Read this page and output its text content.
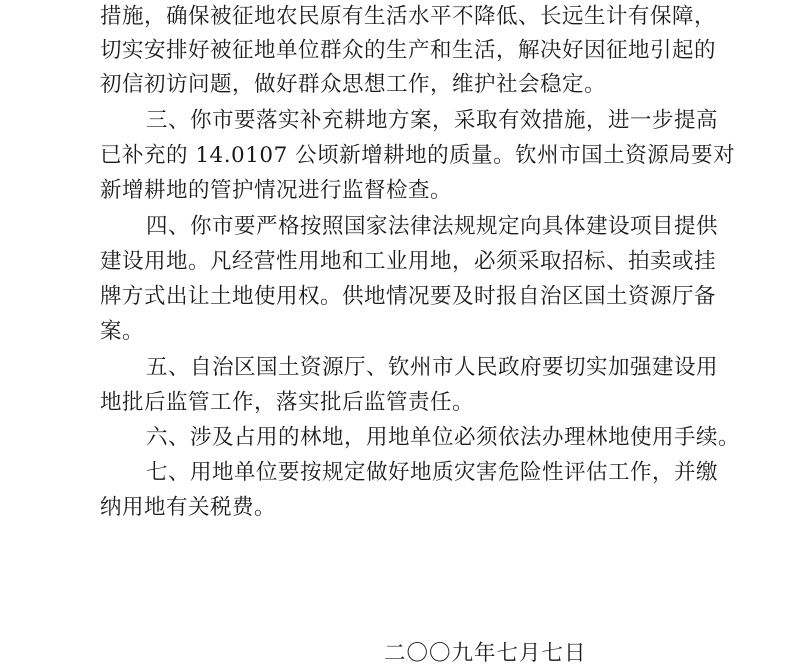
措施，确保被征地农民原有生活水平不降低、长远生计有保障，
切实安排好被征地单位群众的生产和生活，解决好因征地引起的
初信初访问题，做好群众思想工作，维护社会稳定。
三、你市要落实补充耕地方案，采取有效措施，进一步提高
已补充的 14.0107 公顷新增耕地的质量。钦州市国土资源局要对
新增耕地的管护情况进行监督检查。
四、你市要严格按照国家法律法规规定向具体建设项目提供
建设用地。凡经营性用地和工业用地，必须采取招标、拍卖或挂
牌方式出让土地使用权。供地情况要及时报自治区国土资源厅备
案。
五、自治区国土资源厅、钦州市人民政府要切实加强建设用
地批后监管工作，落实批后监管责任。
六、涉及占用的林地，用地单位必须依法办理林地使用手续。
七、用地单位要按规定做好地质灾害危险性评估工作，并缴
纳用地有关税费。
二〇〇九年七月七日
